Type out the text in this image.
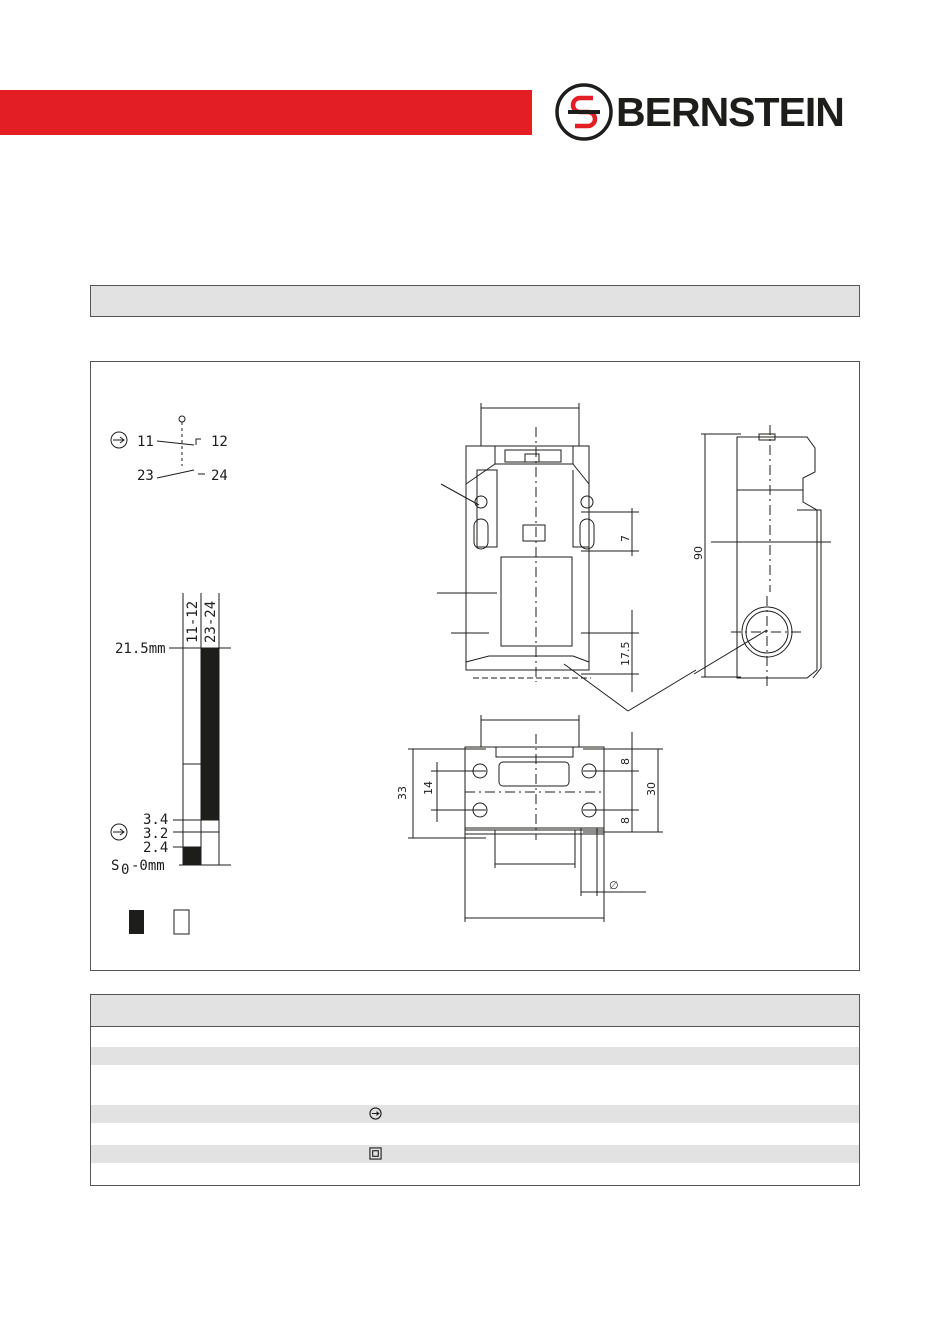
BERNSTEIN
11	12
23	24
11-12 23-24
21.5mm
3.4
3.2
2.4
S 0 -0mm
7
17.5
90
33 14
8
8
30
∅
